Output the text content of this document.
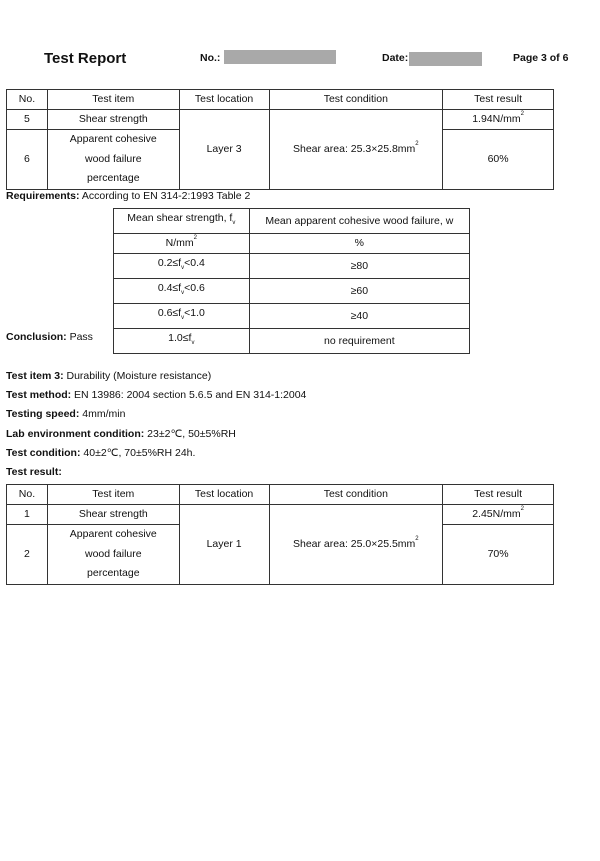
Test Report	No.:	Date:	Page 3 of 6
No.	Test item	Test location	Test condition	Test result
5	Shear strength	Layer 3	Shear area: $25.3\times 25.8mm^2$	$1.94N/mm^2$
6	Apparent cohesive
wood failure
percentage			60%
Requirements: According to EN 314-2:1993 Table 2
Mean shear strength, $f_v$	Mean apparent cohesive wood failure, w
$N/mm^2$	%
$0.2\le f_v<0.4$	≥80
$0.4\le f_v<0.6$	≥60
$0.6\le f_v<1.0$	≥40
$1.0\le f_v$	no requirement
Conclusion: Pass
Test item 3: Durability (Moisture resistance)
Test method: EN 13986: 2004 section 5.6.5 and EN 314-1:2004
Testing speed: 4mm/min
Lab environment condition: 23±2℃, 50±5%RH
Test condition: 40±2℃, 70±5%RH 24h.
Test result:
No.	Test item	Test location	Test condition	Test result
1	Shear strength	Layer 1	Shear area: $25.0\times 25.5mm^2$	$2.45N/mm^2$
2	Apparent cohesive
wood failure
percentage			70%
